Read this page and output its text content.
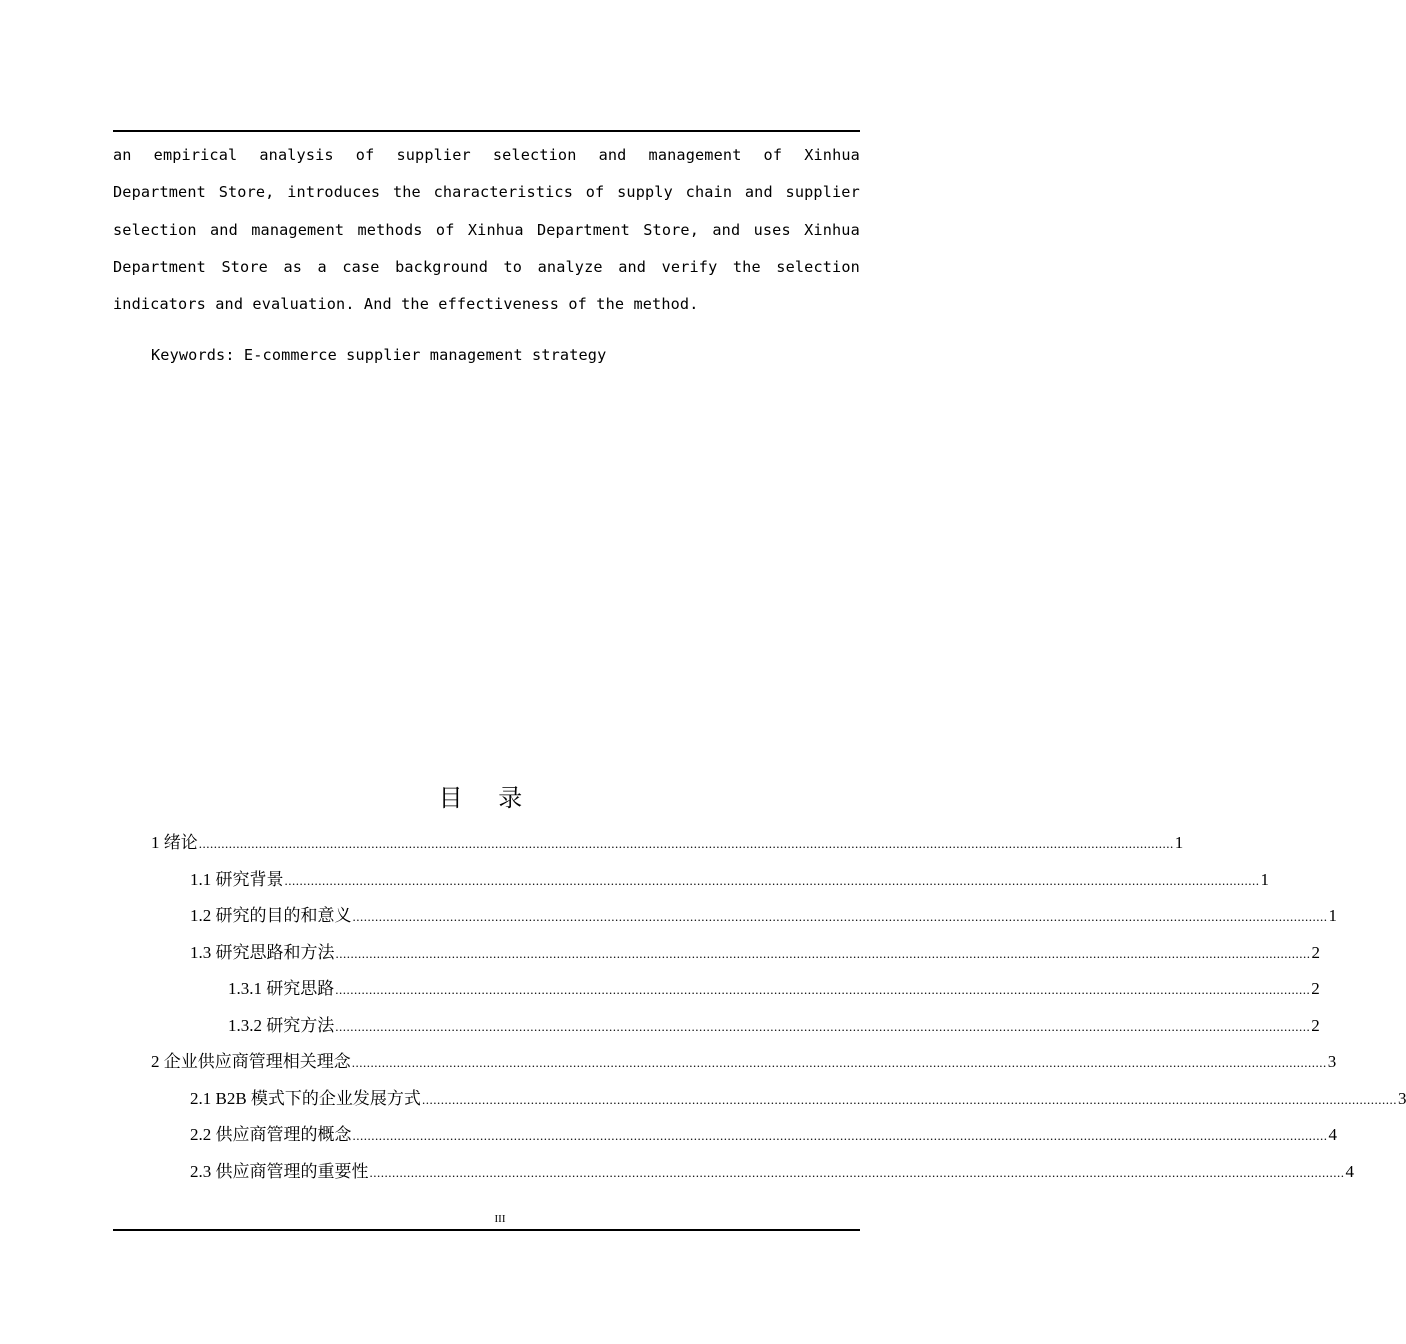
an empirical analysis of supplier selection and management of Xinhua
Department Store, introduces the characteristics of supply chain and supplier
selection and management methods of Xinhua Department Store, and uses Xinhua
Department Store as a case background to analyze and verify the selection
indicators and evaluation. And the effectiveness of the method.
Keywords: E-commerce supplier management strategy
目 录
1 绪论 .................................................................................................................................................................................................................................................................... 1
1.1 研究背景 .................................................................................................................................................................................................................................................................... 1
1.2 研究的目的和意义 .................................................................................................................................................................................................................................................................... 1
1.3 研究思路和方法 .................................................................................................................................................................................................................................................................... 2
1.3.1 研究思路 .................................................................................................................................................................................................................................................................... 2
1.3.2 研究方法 .................................................................................................................................................................................................................................................................... 2
2 企业供应商管理相关理念 .................................................................................................................................................................................................................................................................... 3
2.1 B2B 模式下的企业发展方式 .................................................................................................................................................................................................................................................................... 3
2.2 供应商管理的概念 .................................................................................................................................................................................................................................................................... 4
2.3 供应商管理的重要性 .................................................................................................................................................................................................................................................................... 4
III
